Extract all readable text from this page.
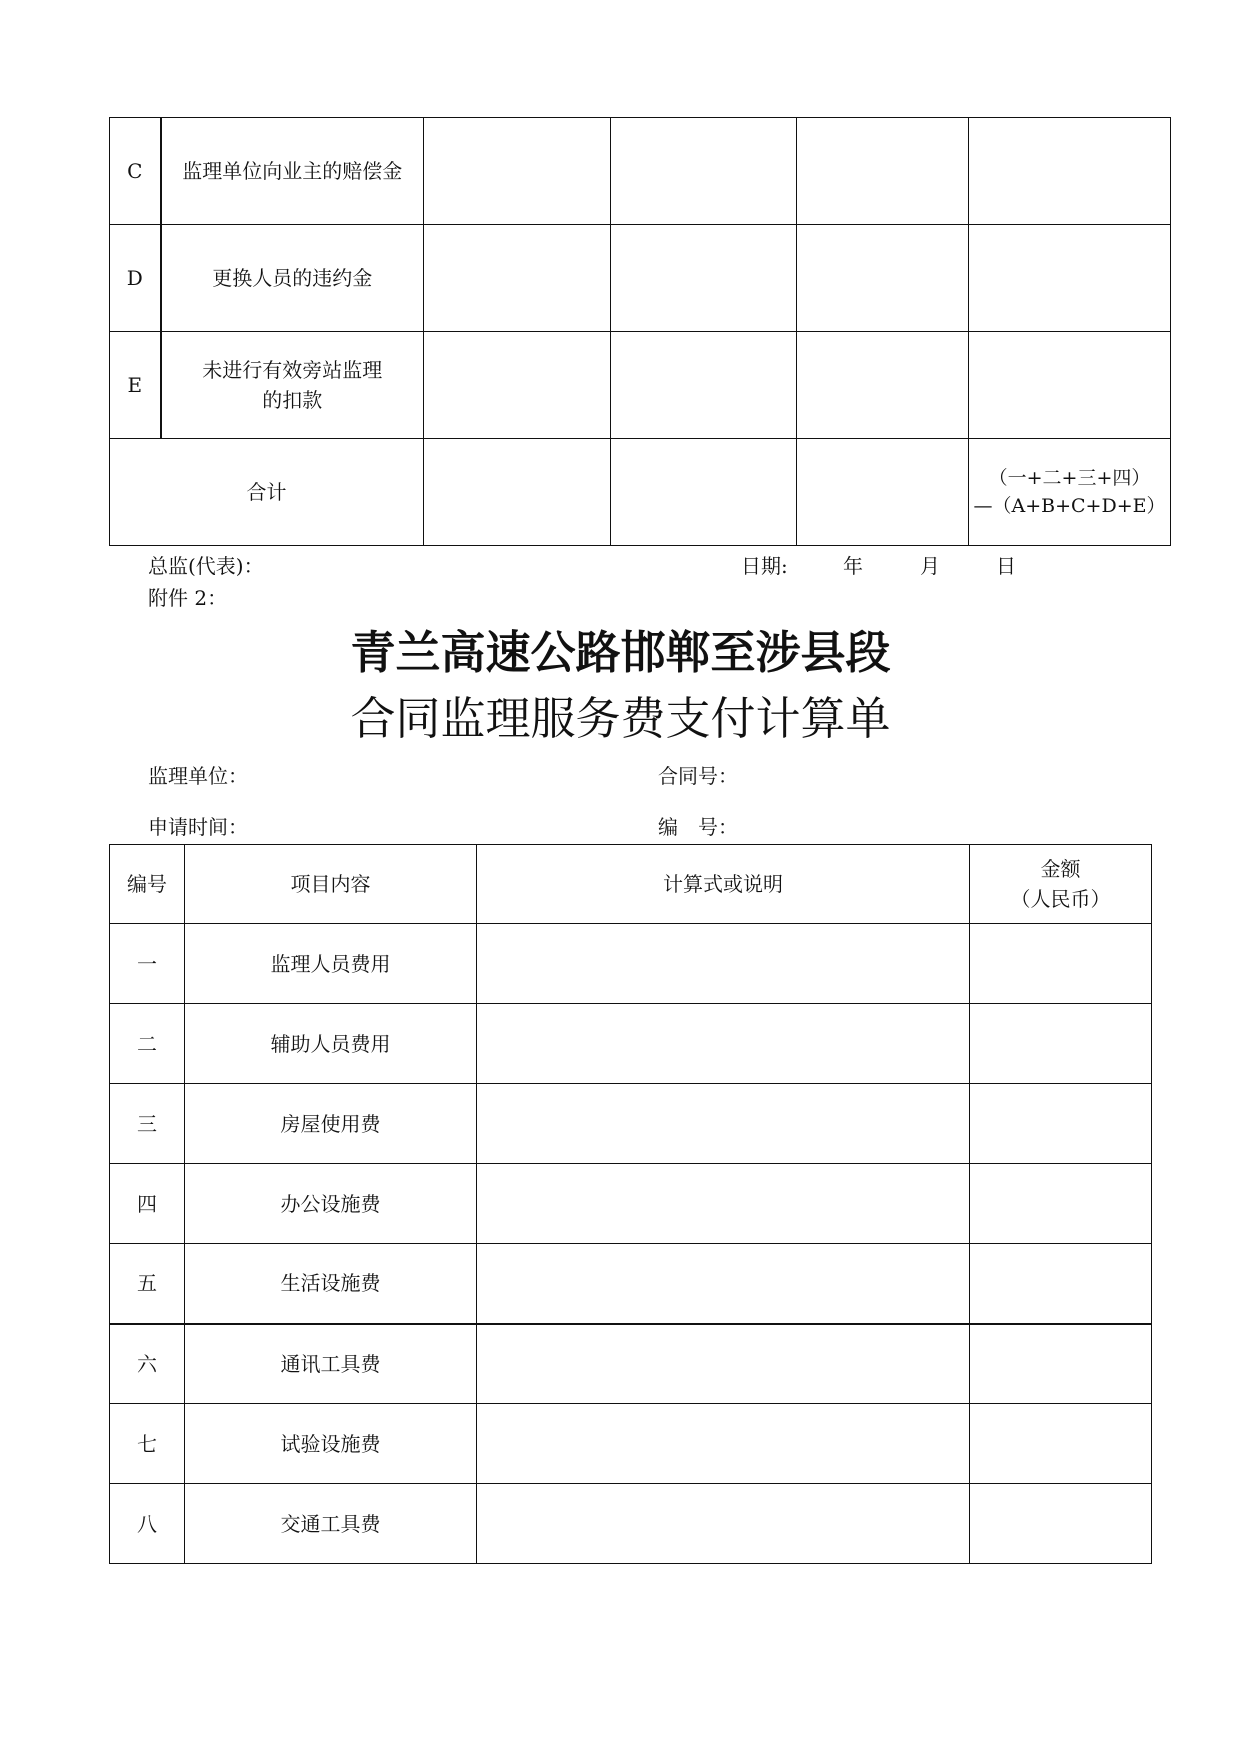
C	监理单位向业主的赔偿金				
D	更换人员的违约金				
E	未进行有效旁站监理
的扣款				

合计					（一+二+三+四）
—（A+B+C+D+E）
总监(代表)：	日期:	年	月	日
附件 2：
青兰高速公路邯郸至涉县段
合同监理服务费支付计算单
监理单位：	合同号：
申请时间：	编　号：
编号	项目内容	计算式或说明	金额
（人民币）

一	监理人员费用		
二	辅助人员费用		
三	房屋使用费		
四	办公设施费		
五	生活设施费		
六	通讯工具费		
七	试验设施费		
八	交通工具费		
